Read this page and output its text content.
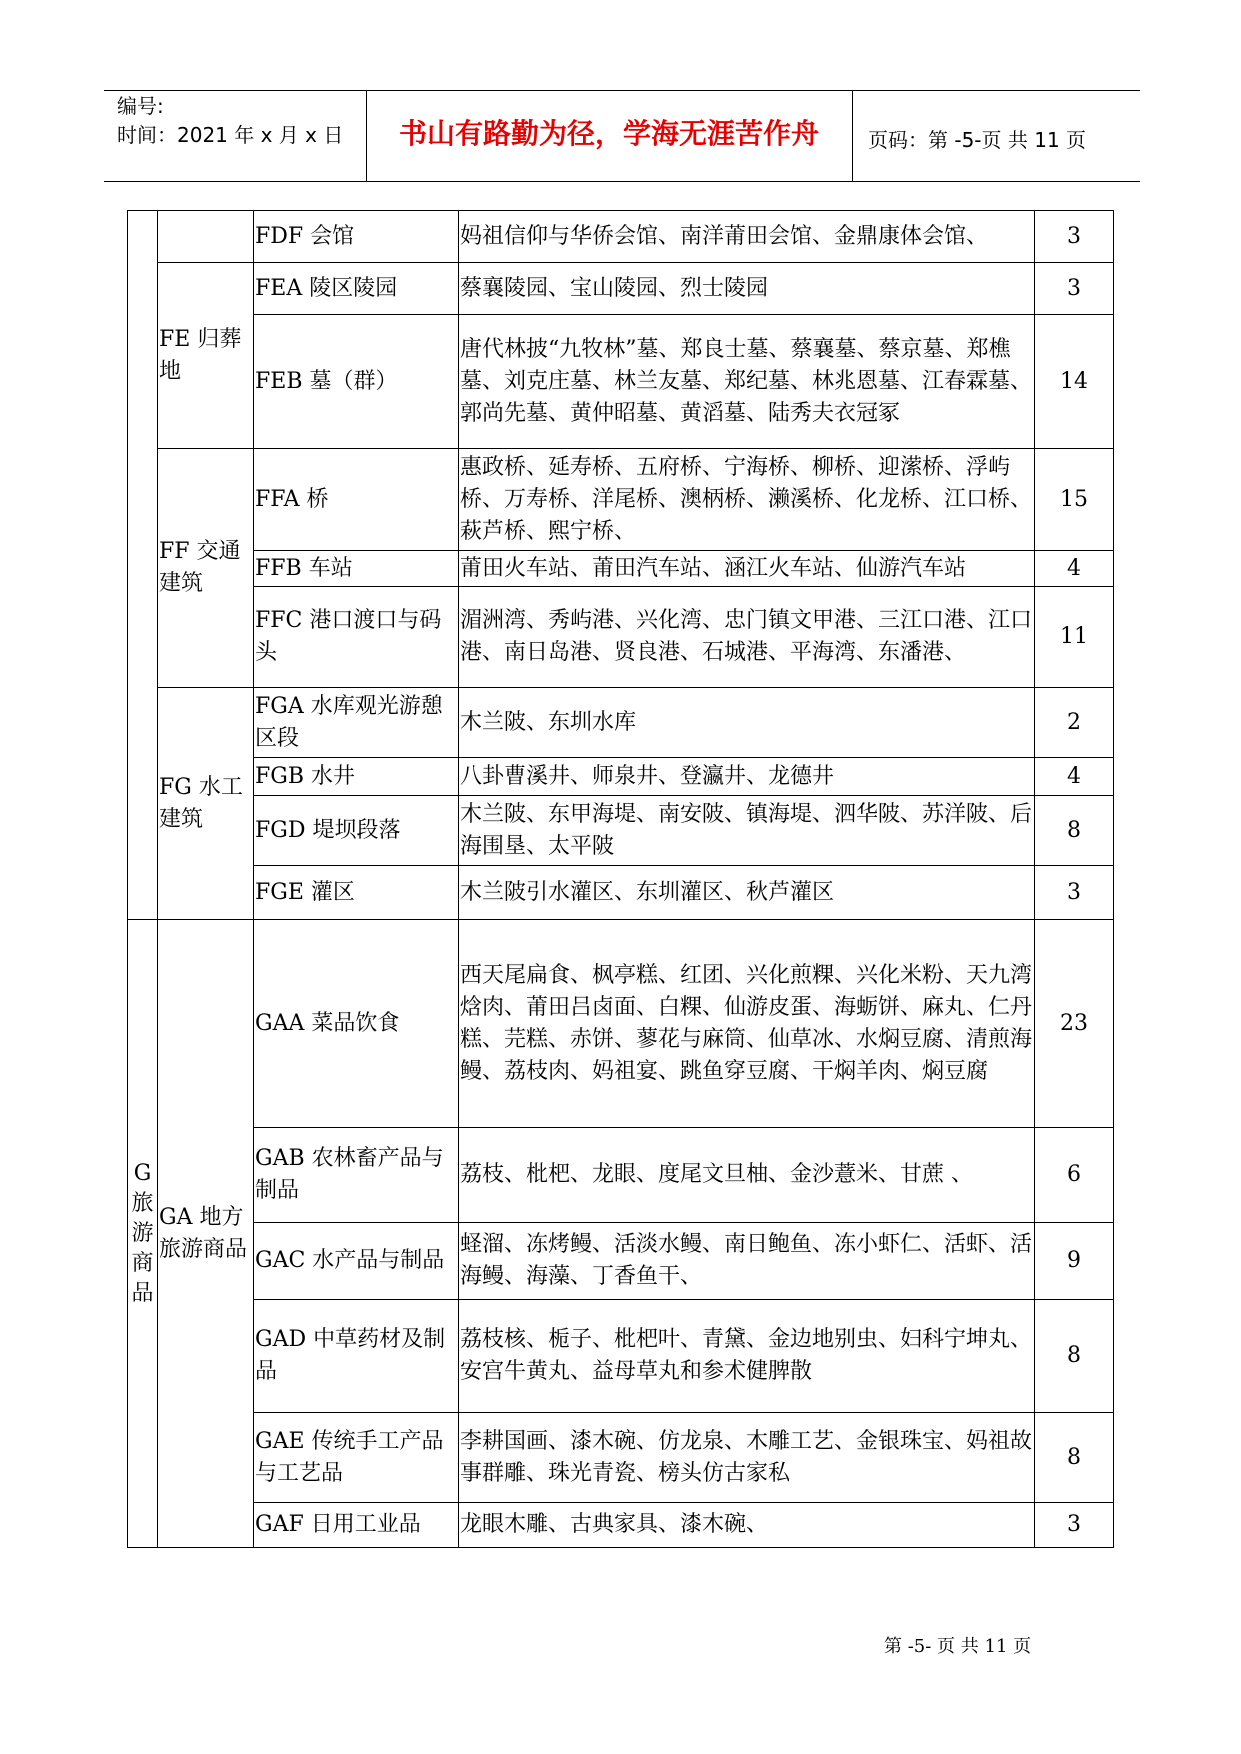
编号:
时间：2021 年 x 月 x 日	书山有路勤为径，学海无涯苦作舟	页码：第 -5-页 共 11 页
		FDF 会馆	妈祖信仰与华侨会馆、南洋莆田会馆、金鼎康体会馆、	3
	FE 归葬地	FEA 陵区陵园	蔡襄陵园、宝山陵园、烈士陵园	3
		FEB 墓（群）	唐代林披“九牧林”墓、郑良士墓、蔡襄墓、蔡京墓、郑樵墓、刘克庄墓、林兰友墓、郑纪墓、林兆恩墓、江春霖墓、郭尚先墓、黄仲昭墓、黄滔墓、陆秀夫衣冠冢	14
	FF 交通建筑	FFA 桥	惠政桥、延寿桥、五府桥、宁海桥、柳桥、迎潆桥、浮屿桥、万寿桥、洋尾桥、澳柄桥、濑溪桥、化龙桥、江口桥、萩芦桥、熙宁桥、	15
		FFB 车站	莆田火车站、莆田汽车站、涵江火车站、仙游汽车站	4
		FFC 港口渡口与码头	湄洲湾、秀屿港、兴化湾、忠门镇文甲港、三江口港、江口港、南日岛港、贤良港、石城港、平海湾、东潘港、	11
	FG 水工建筑	FGA 水库观光游憩区段	木兰陂、东圳水库	2
		FGB 水井	八卦曹溪井、师泉井、登瀛井、龙德井	4
		FGD 堤坝段落	木兰陂、东甲海堤、南安陂、镇海堤、泗华陂、苏洋陂、后海围垦、太平陂	8
		FGE 灌区	木兰陂引水灌区、东圳灌区、秋芦灌区	3
G旅游商品	GA 地方旅游商品	GAA 菜品饮食	西天尾扁食、枫亭糕、红团、兴化煎粿、兴化米粉、天九湾焓肉、莆田吕卤面、白粿、仙游皮蛋、海蛎饼、麻丸、仁丹糕、芫糕、赤饼、蓼花与麻筒、仙草冰、水焖豆腐、清煎海鳗、荔枝肉、妈祖宴、跳鱼穿豆腐、干焖羊肉、焖豆腐	23
		GAB 农林畜产品与制品	荔枝、枇杷、龙眼、度尾文旦柚、金沙薏米、甘蔗 、	6
		GAC 水产品与制品	蛏溜、冻烤鳗、活淡水鳗、南日鲍鱼、冻小虾仁、活虾、活海鳗、海藻、丁香鱼干、	9
		GAD 中草药材及制品	荔枝核、栀子、枇杷叶、青黛、金边地别虫、妇科宁坤丸、安宫牛黄丸、益母草丸和参术健脾散	8
		GAE 传统手工产品与工艺品	李耕国画、漆木碗、仿龙泉、木雕工艺、金银珠宝、妈祖故事群雕、珠光青瓷、榜头仿古家私	8
		GAF 日用工业品	龙眼木雕、古典家具、漆木碗、	3
第 -5- 页 共 11 页
